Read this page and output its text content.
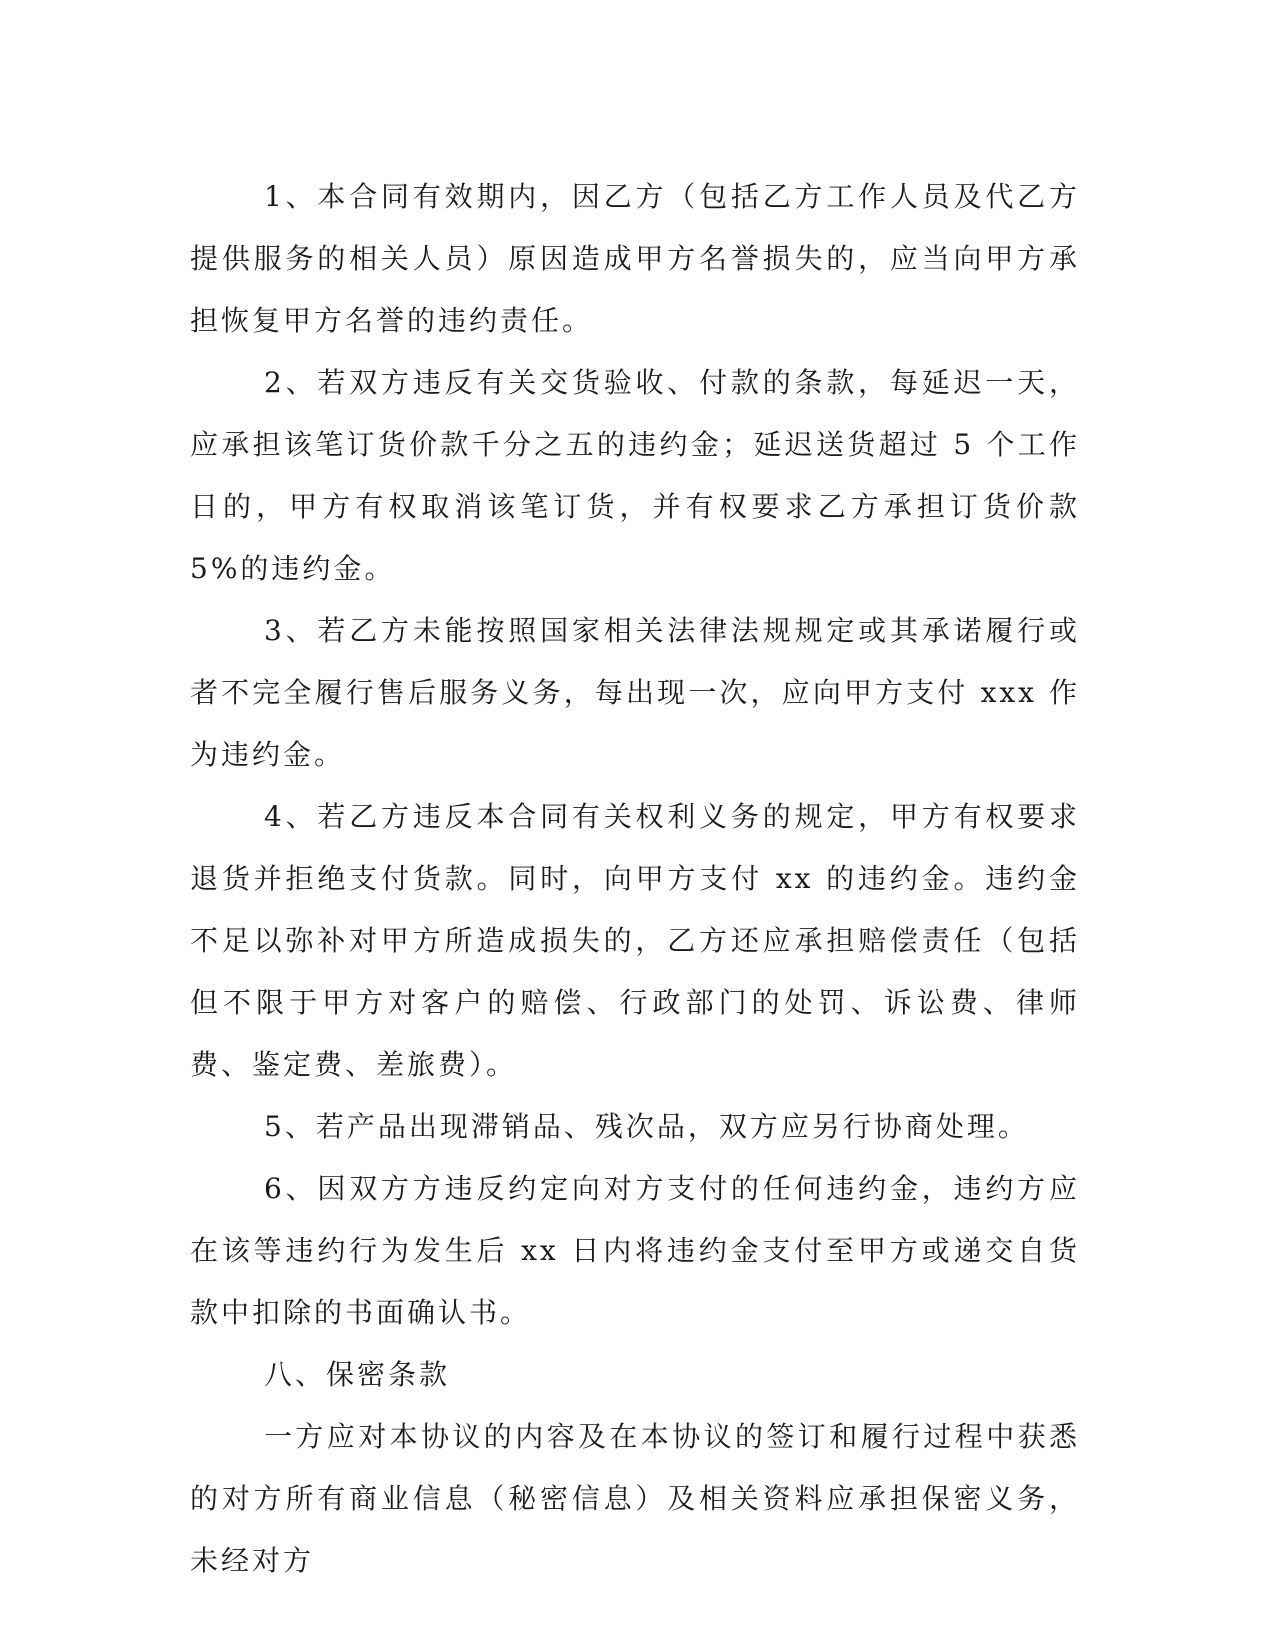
1、本合同有效期内，因乙方（包括乙方工作人员及代乙方提供服务的相关人员）原因造成甲方名誉损失的，应当向甲方承担恢复甲方名誉的违约责任。

2、若双方违反有关交货验收、付款的条款，每延迟一天，应承担该笔订货价款千分之五的违约金；延迟送货超过 5 个工作日的，甲方有权取消该笔订货，并有权要求乙方承担订货价款 5%的违约金。

3、若乙方未能按照国家相关法律法规规定或其承诺履行或者不完全履行售后服务义务，每出现一次，应向甲方支付 xxx 作为违约金。

4、若乙方违反本合同有关权利义务的规定，甲方有权要求退货并拒绝支付货款。同时，向甲方支付 xx 的违约金。违约金不足以弥补对甲方所造成损失的，乙方还应承担赔偿责任（包括但不限于甲方对客户的赔偿、行政部门的处罚、诉讼费、律师费、鉴定费、差旅费）。

5、若产品出现滞销品、残次品，双方应另行协商处理。

6、因双方方违反约定向对方支付的任何违约金，违约方应在该等违约行为发生后 xx 日内将违约金支付至甲方或递交自货款中扣除的书面确认书。

八、保密条款

一方应对本协议的内容及在本协议的签订和履行过程中获悉的对方所有商业信息（秘密信息）及相关资料应承担保密义务，未经对方
